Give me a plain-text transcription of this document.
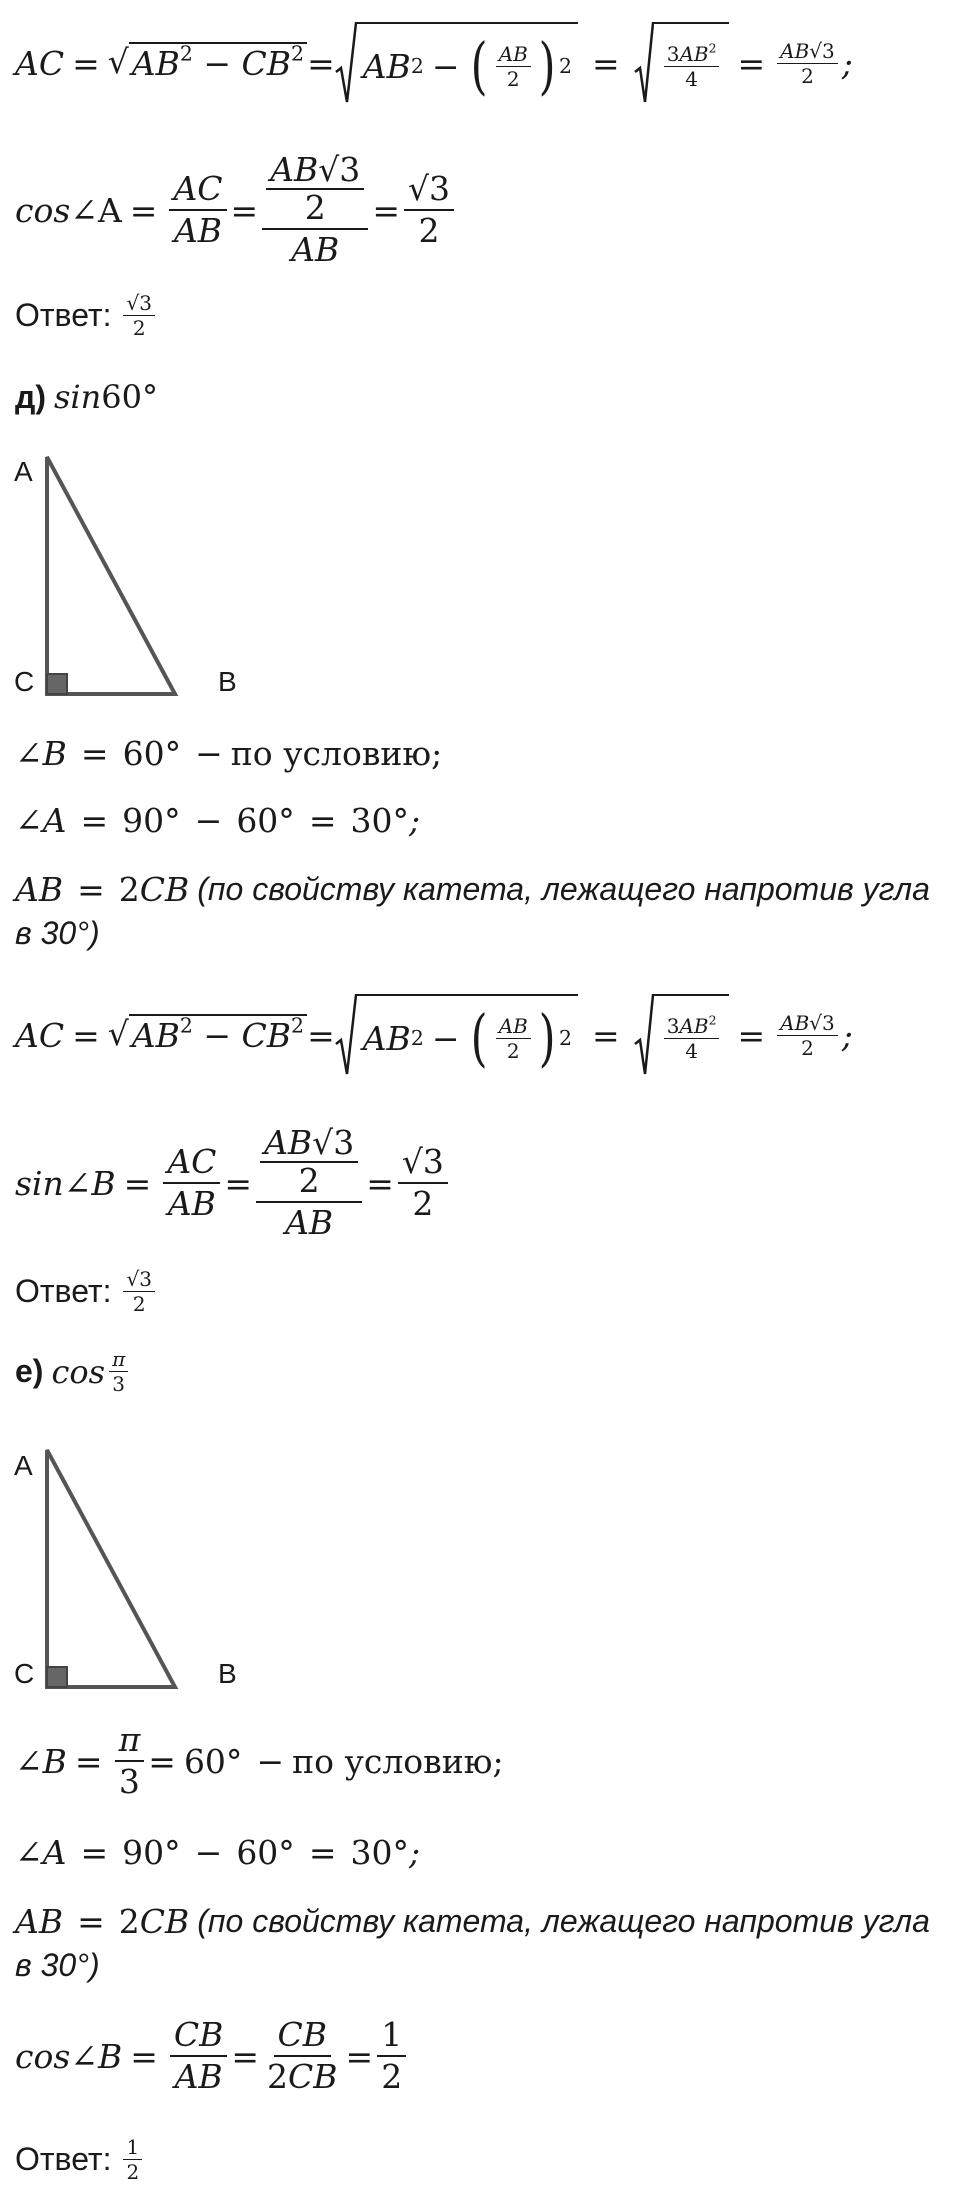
AC = √ $AB^2 - CB^2$ = AB 2 − ( $\frac{AB}{2}$ ) $2 = \frac{3AB^2}{4} = \frac{AB√3}{2}$ ;
cos ∠A = $\frac{AC}{AB} = AB√3$
2
AB = $\frac{√3}{2}$
Ответ: $\frac{√3}{2}$
д) sin 60°
A
C	B
∠ B = 60° − по условию;
∠ A = 90° − 60° = 30° ;
AB = 2 CB (по свойству катета, лежащего напротив угла
в 30°)
AC = √ $AB^2 - CB^2$ = AB 2 − ( $\frac{AB}{2}$ ) $2 = \frac{3AB^2}{4} = \frac{AB√3}{2}$ ;
sin ∠ $B = \frac{AC}{AB} = AB√3$
2
AB = $\frac{√3}{2}$
Ответ: $\frac{√3}{2}$
е) $\cos \frac{\pi}{3}$
A
C	B
∠ $B = \frac{\pi}{3} = 60^\circ$ − по условию;
∠ A = 90° − 60° = 30° ;
AB = 2 CB (по свойству катета, лежащего напротив угла
в 30°)
cos ∠ $B = \frac{CB}{AB} = \frac{CB}{2CB} = \frac{1}{2}$
Ответ: $\frac{1}{2}$
